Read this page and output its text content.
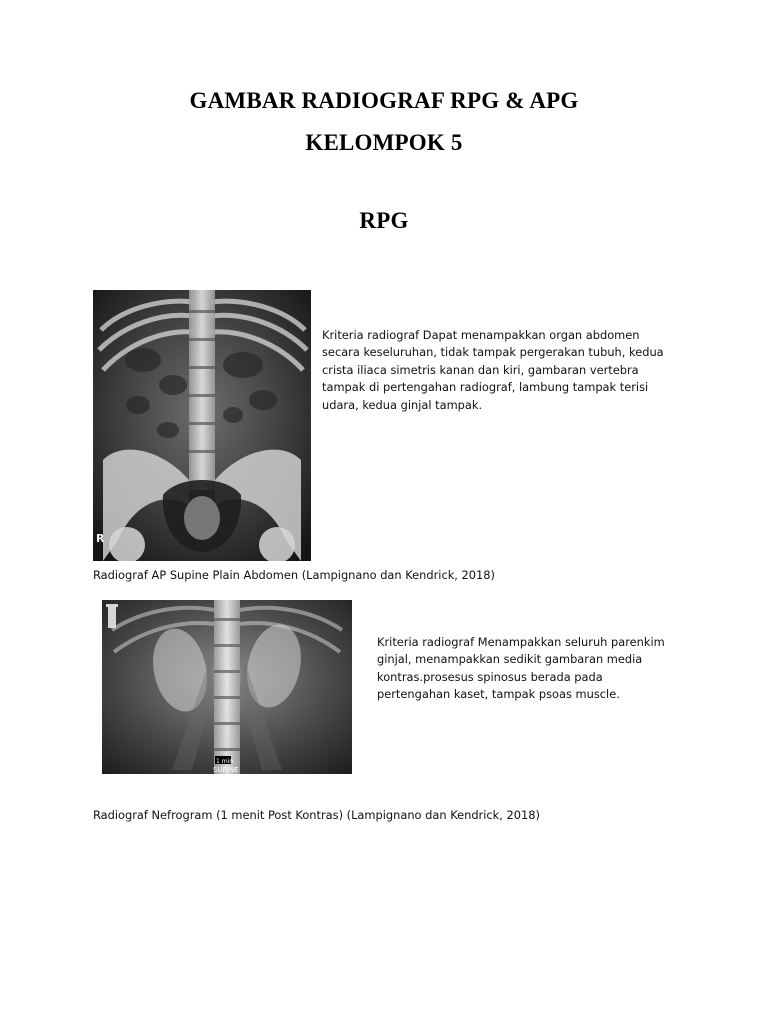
GAMBAR RADIOGRAF RPG & APG
KELOMPOK 5
RPG
R
Kriteria radiograf Dapat menampakkan organ abdomen secara keseluruhan, tidak tampak pergerakan tubuh, kedua crista iliaca simetris kanan dan kiri, gambaran vertebra tampak di pertengahan radiograf, lambung tampak terisi udara, kedua ginjal tampak.
Radiograf AP Supine Plain Abdomen (Lampignano dan Kendrick, 2018)
1 min
SUPINE
Kriteria radiograf Menampakkan seluruh parenkim ginjal, menampakkan sedikit gambaran media kontras.prosesus spinosus berada pada pertengahan kaset, tampak psoas muscle.
Radiograf Nefrogram (1 menit Post Kontras) (Lampignano dan Kendrick, 2018)
